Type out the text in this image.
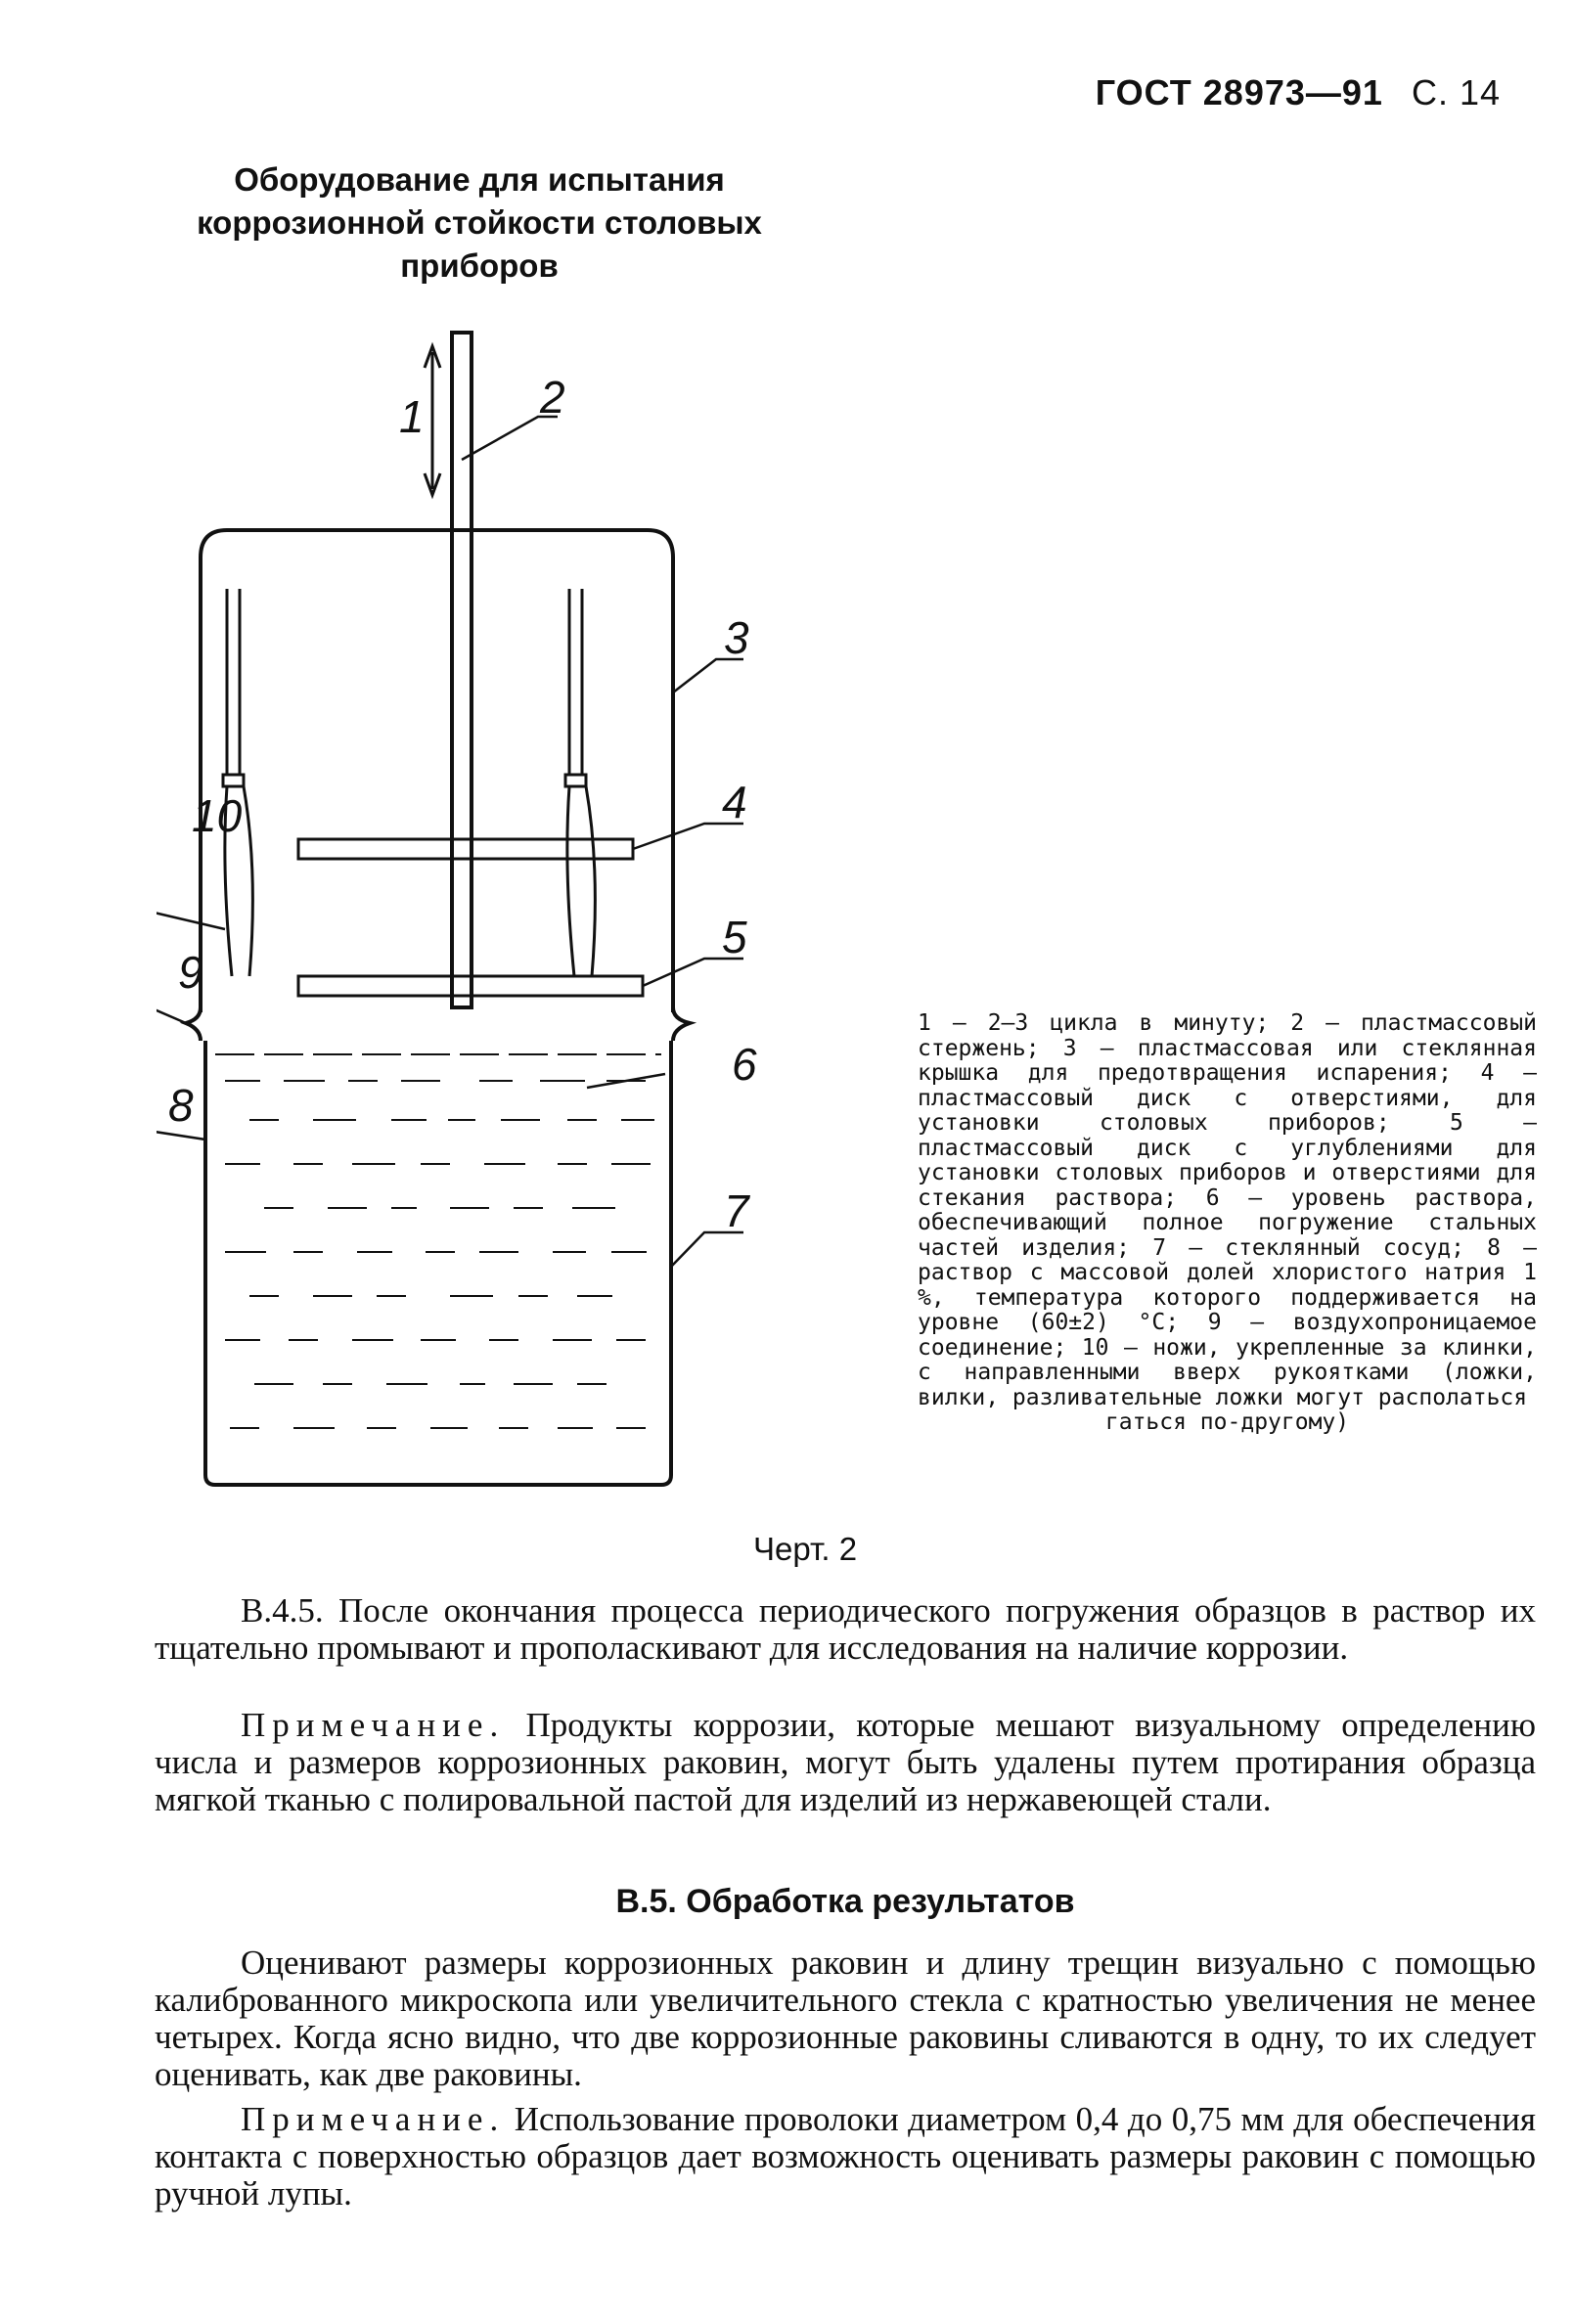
ГОСТ 28973—91 С. 14
Оборудование для испытания коррозионной стойкости столовых приборов
1	2
3
4
5
6
7
8
9
10
1 — 2—3 цикла в минуту; 2 — пластмассовый стержень; 3 — пластмассовая или стеклянная крышка для предотвращения испарения; 4 — пластмассовый диск с отверстиями, для установки столовых приборов; 5 — пластмассовый диск с углублениями для установки столовых приборов и отверстиями для стекания раствора; 6 — уровень раствора, обеспечивающий полное погружение стальных частей изделия; 7 — стеклянный сосуд; 8 — раствор с массовой долей хлористого натрия 1 %, температура которого поддерживается на уровне (60±2) °С; 9 — воздухопроницаемое соединение; 10 — ножи, укрепленные за клинки, с направленными вверх рукоятками (ложки, вилки, разливательные ложки могут располаться
гаться по-другому)
Черт. 2
В.4.5. После окончания процесса периодического погружения образцов в раствор их тщательно промывают и прополаскивают для исследования на наличие коррозии.
Примечание. Продукты коррозии, которые мешают визуальному определению числа и размеров коррозионных раковин, могут быть удалены путем протирания образца мягкой тканью с полировальной пастой для изделий из нержавеющей стали.
В.5. Обработка результатов
Оценивают размеры коррозионных раковин и длину трещин визуально с помощью калиброванного микроскопа или увеличительного стекла с кратностью увеличения не менее четырех. Когда ясно видно, что две коррозионные раковины сливаются в одну, то их следует оценивать, как две раковины.
Примечание. Использование проволоки диаметром 0,4 до 0,75 мм для обеспечения контакта с поверхностью образцов дает возможность оценивать размеры раковин с помощью ручной лупы.
